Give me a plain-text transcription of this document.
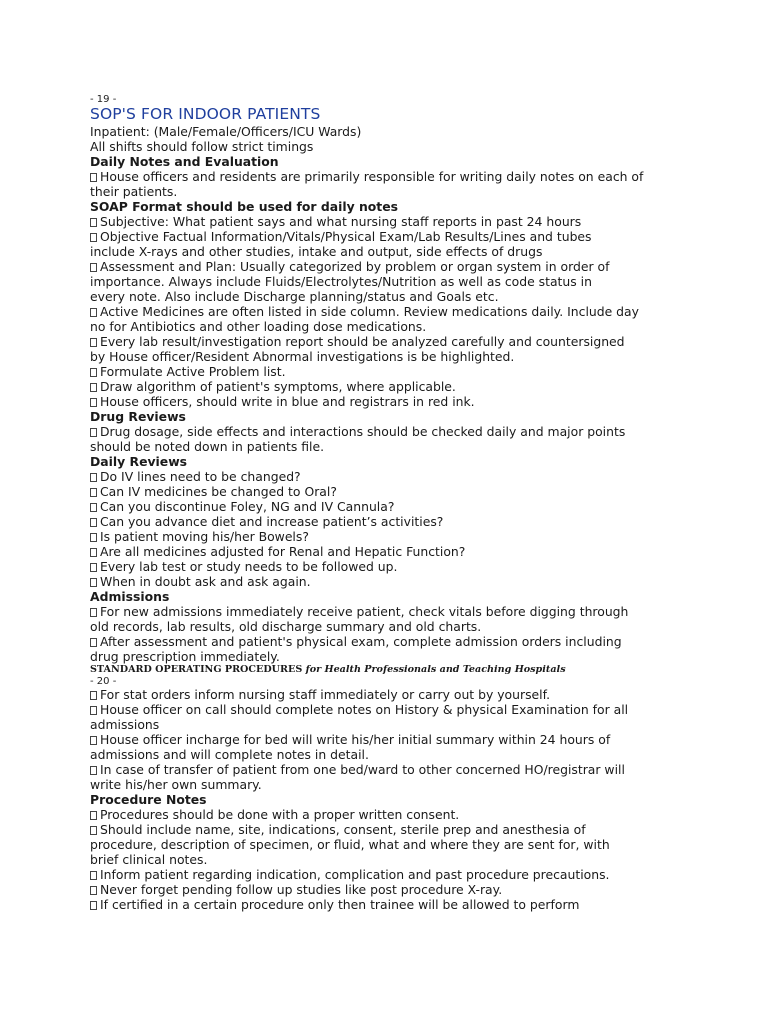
- 19 -
SOP'S FOR INDOOR PATIENTS
Inpatient: (Male/Female/Officers/ICU Wards)
All shifts should follow strict timings
Daily Notes and Evaluation
House officers and residents are primarily responsible for writing daily notes on each of
their patients.
SOAP Format should be used for daily notes
Subjective: What patient says and what nursing staff reports in past 24 hours
Objective Factual Information/Vitals/Physical Exam/Lab Results/Lines and tubes
include X-rays and other studies, intake and output, side effects of drugs
Assessment and Plan: Usually categorized by problem or organ system in order of
importance. Always include Fluids/Electrolytes/Nutrition as well as code status in
every note. Also include Discharge planning/status and Goals etc.
Active Medicines are often listed in side column. Review medications daily. Include day
no for Antibiotics and other loading dose medications.
Every lab result/investigation report should be analyzed carefully and countersigned
by House officer/Resident Abnormal investigations is be highlighted.
Formulate Active Problem list.
Draw algorithm of patient's symptoms, where applicable.
House officers, should write in blue and registrars in red ink.
Drug Reviews
Drug dosage, side effects and interactions should be checked daily and major points
should be noted down in patients file.
Daily Reviews
Do IV lines need to be changed?
Can IV medicines be changed to Oral?
Can you discontinue Foley, NG and IV Cannula?
Can you advance diet and increase patient’s activities?
Is patient moving his/her Bowels?
Are all medicines adjusted for Renal and Hepatic Function?
Every lab test or study needs to be followed up.
When in doubt ask and ask again.
Admissions
For new admissions immediately receive patient, check vitals before digging through
old records, lab results, old discharge summary and old charts.
After assessment and patient's physical exam, complete admission orders including
drug prescription immediately.
STANDARD OPERATING PROCEDURES for Health Professionals and Teaching Hospitals
- 20 -
For stat orders inform nursing staff immediately or carry out by yourself.
House officer on call should complete notes on History & physical Examination for all
admissions
House officer incharge for bed will write his/her initial summary within 24 hours of
admissions and will complete notes in detail.
In case of transfer of patient from one bed/ward to other concerned HO/registrar will
write his/her own summary.
Procedure Notes
Procedures should be done with a proper written consent.
Should include name, site, indications, consent, sterile prep and anesthesia of
procedure, description of specimen, or fluid, what and where they are sent for, with
brief clinical notes.
Inform patient regarding indication, complication and past procedure precautions.
Never forget pending follow up studies like post procedure X-ray.
If certified in a certain procedure only then trainee will be allowed to perform
